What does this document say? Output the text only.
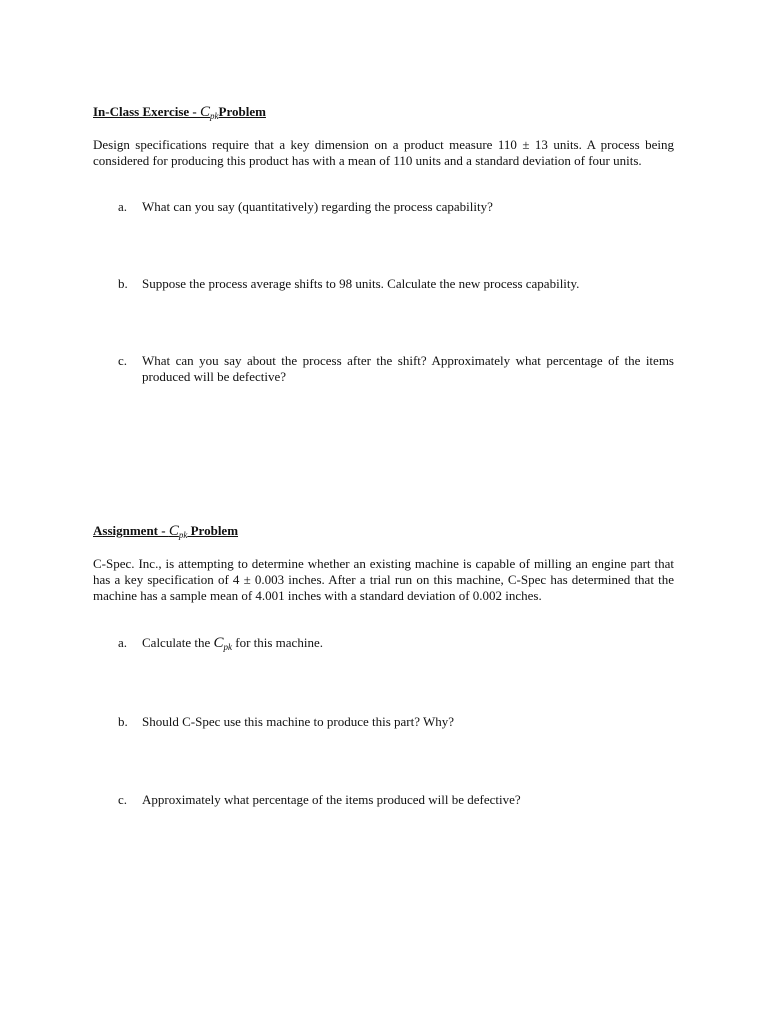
In-Class Exercise - $C_{pk}Problem$
Design specifications require that a key dimension on a product measure 110 ± 13 units. A process being considered for producing this product has with a mean of 110 units and a standard deviation of four units.
a. What can you say (quantitatively) regarding the process capability?
b. Suppose the process average shifts to 98 units. Calculate the new process capability.
c. What can you say about the process after the shift? Approximately what percentage of the items produced will be defective?
Assignment - $C_{pk}$ Problem
C-Spec. Inc., is attempting to determine whether an existing machine is capable of milling an engine part that has a key specification of 4 ± 0.003 inches. After a trial run on this machine, C-Spec has determined that the machine has a sample mean of 4.001 inches with a standard deviation of 0.002 inches.
a. Calculate the $C_{pk}$ for this machine.
b. Should C-Spec use this machine to produce this part? Why?
c. Approximately what percentage of the items produced will be defective?
